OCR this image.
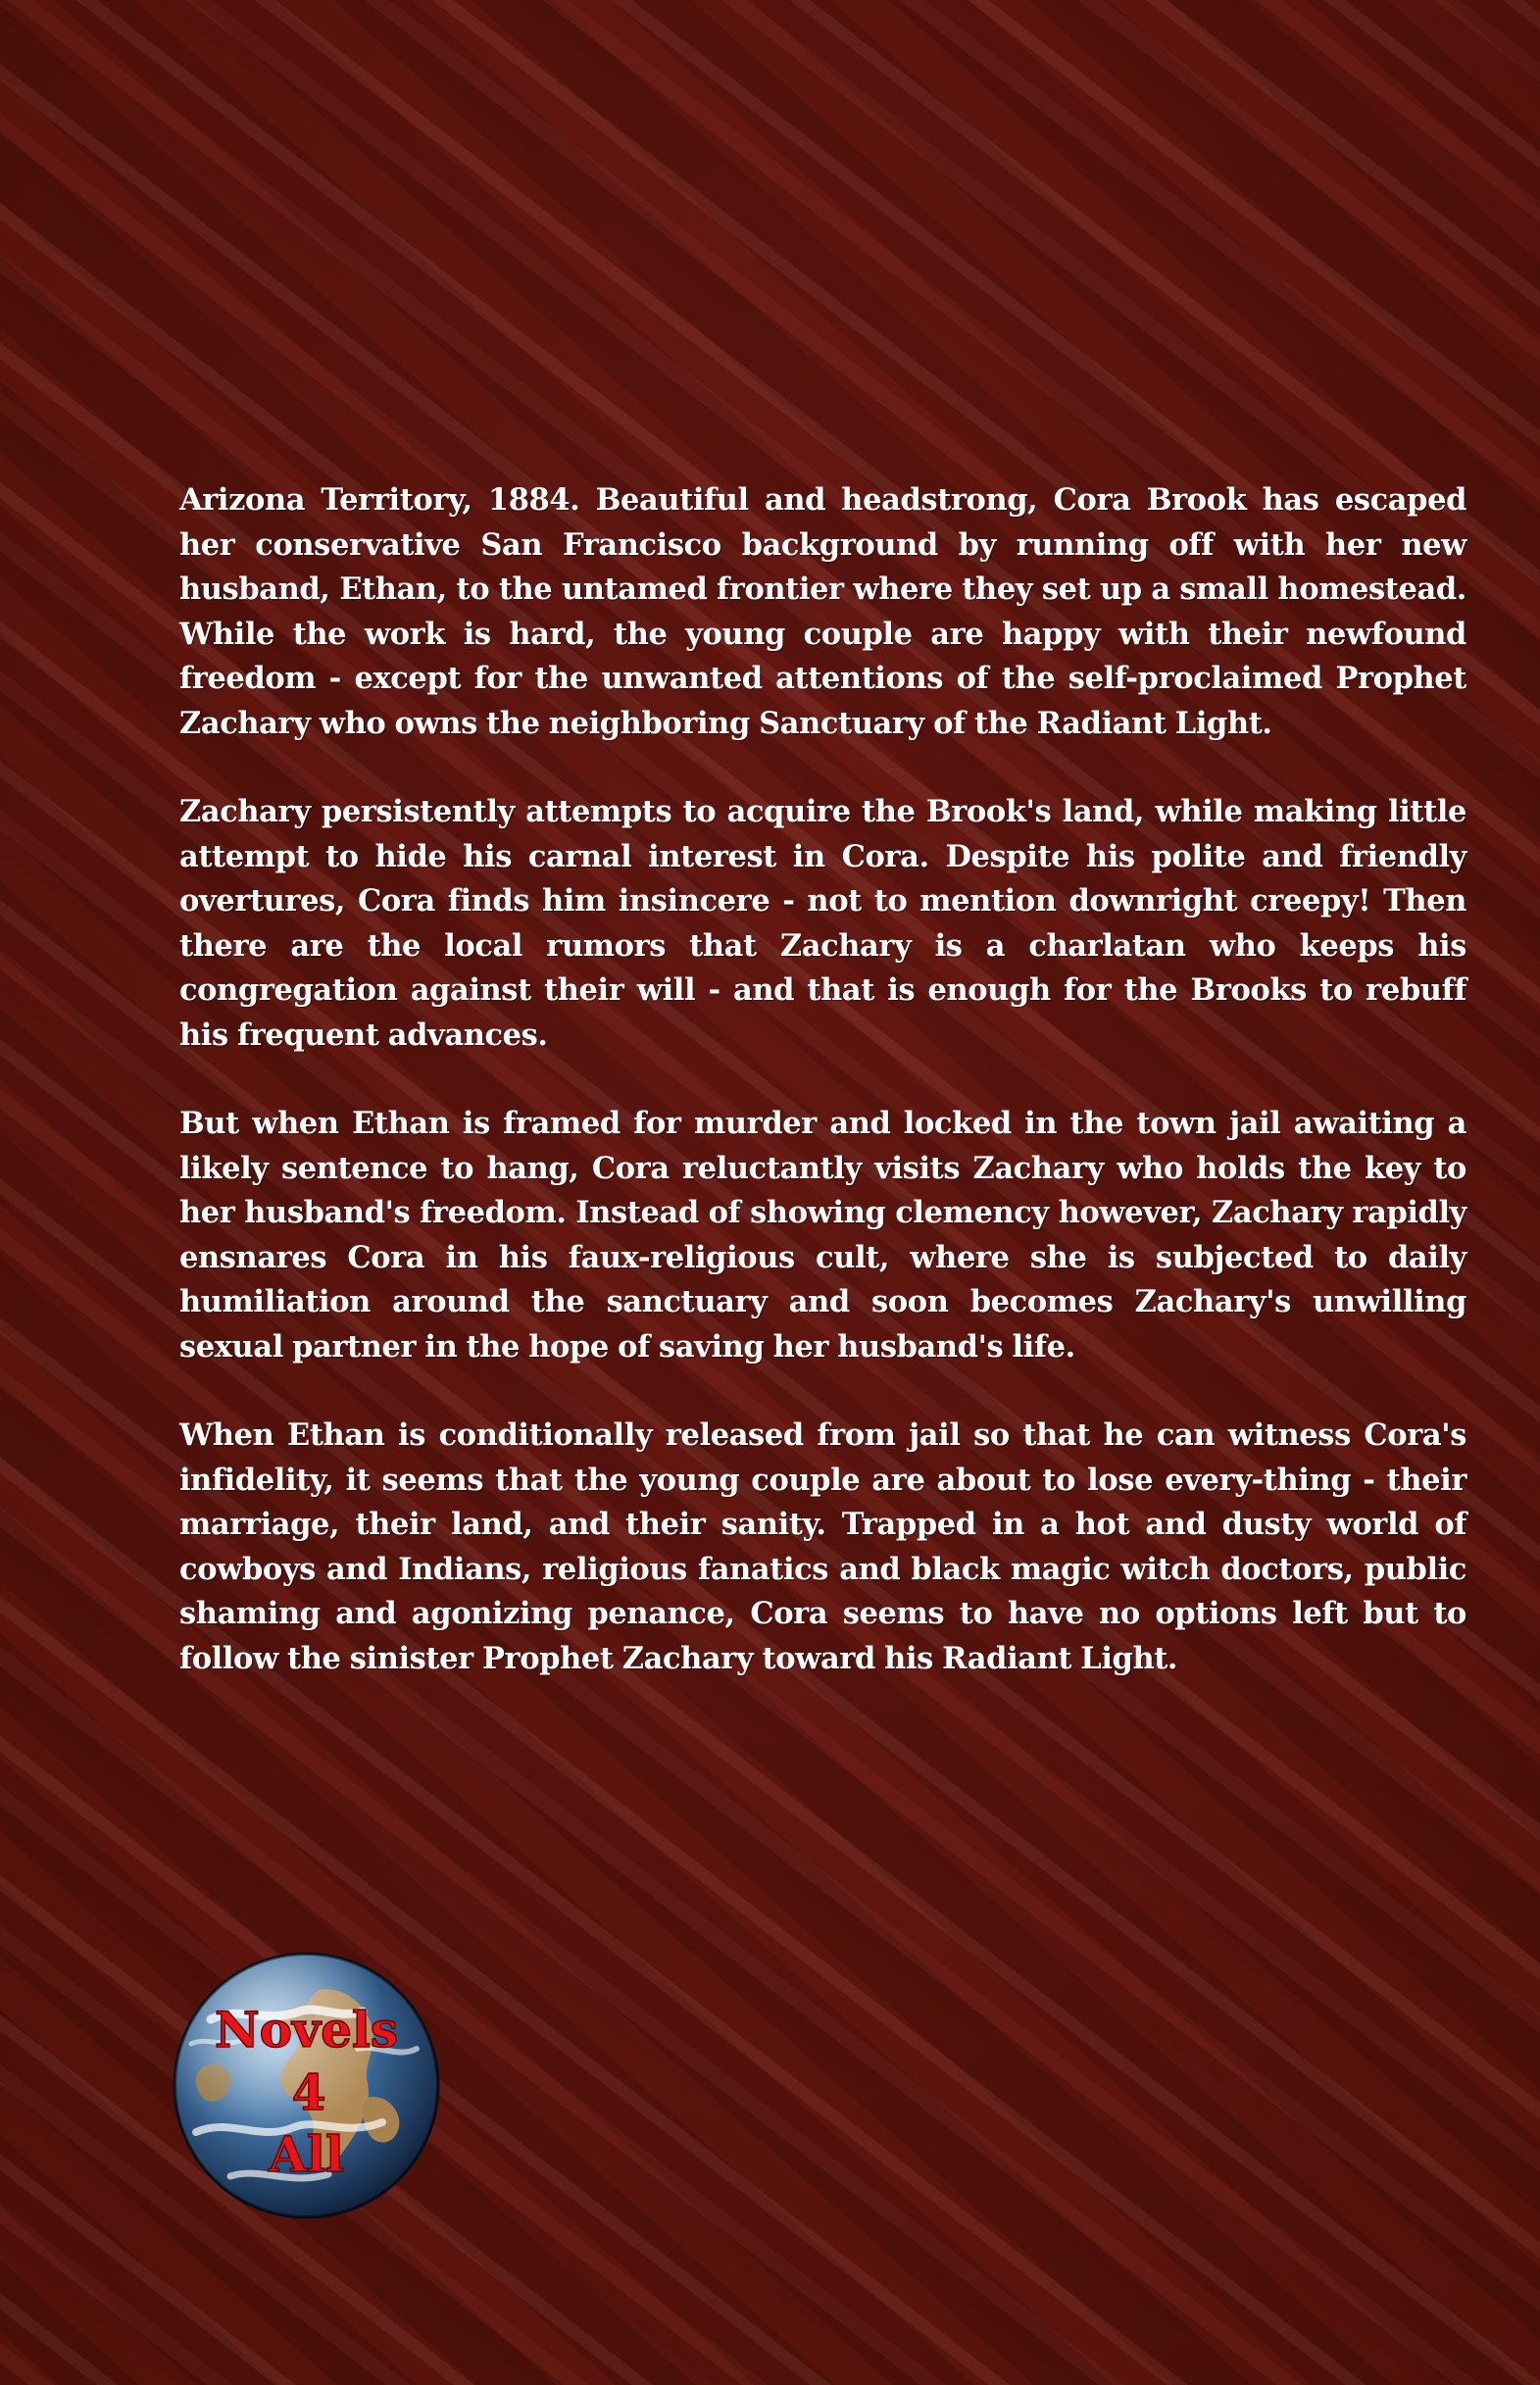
Arizona Territory, 1884. Beautiful and headstrong, Cora Brook has escaped her conservative San Francisco background by running off with her new husband, Ethan, to the untamed frontier where they set up a small homestead. While the work is hard, the young couple are happy with their newfound freedom - except for the unwanted attentions of the self-proclaimed Prophet Zachary who owns the neighboring Sanctuary of the Radiant Light.

Zachary persistently attempts to acquire the Brook's land, while making little attempt to hide his carnal interest in Cora. Despite his polite and friendly overtures, Cora finds him insincere - not to mention downright creepy! Then there are the local rumors that Zachary is a charlatan who keeps his congregation against their will - and that is enough for the Brooks to rebuff his frequent advances.

But when Ethan is framed for murder and locked in the town jail awaiting a likely sentence to hang, Cora reluctantly visits Zachary who holds the key to her husband's freedom. Instead of showing clemency however, Zachary rapidly ensnares Cora in his faux-religious cult, where she is subjected to daily humiliation around the sanctuary and soon becomes Zachary's unwilling sexual partner in the hope of saving her husband's life.

When Ethan is conditionally released from jail so that he can witness Cora's infidelity, it seems that the young couple are about to lose every-thing - their marriage, their land, and their sanity. Trapped in a hot and dusty world of cowboys and Indians, religious fanatics and black magic witch doctors, public shaming and agonizing penance, Cora seems to have no options left but to follow the sinister Prophet Zachary toward his Radiant Light.

Novels
4
All
